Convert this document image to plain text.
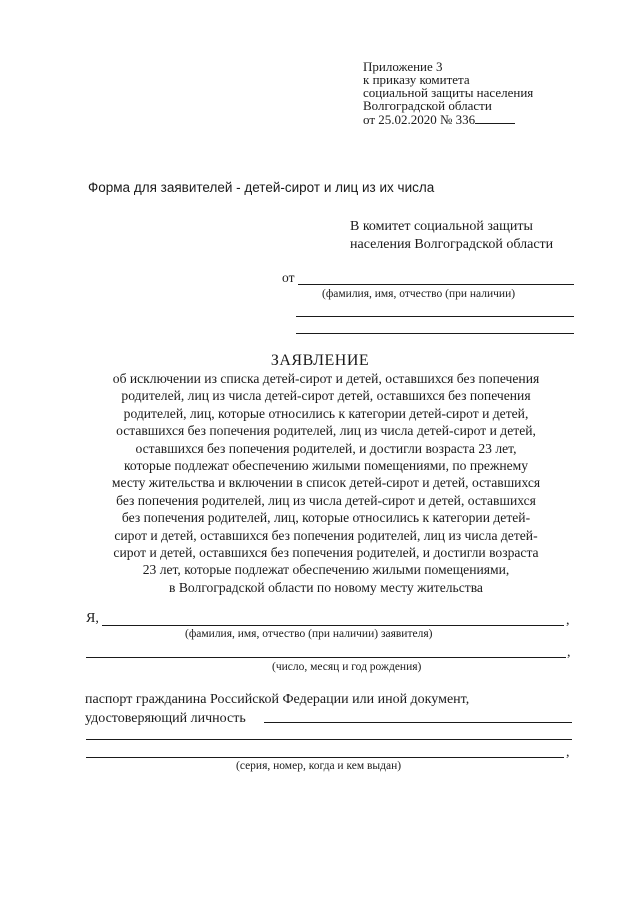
Приложение 3
к приказу комитета
социальной защиты населения
Волгоградской области
от 25.02.2020 № 336
Форма для заявителей - детей-сирот и лиц из их числа
В комитет социальной защиты
населения Волгоградской области
от
(фамилия, имя, отчество (при наличии)
ЗАЯВЛЕНИЕ
об исключении из списка детей-сирот и детей, оставшихся без попечения
родителей, лиц из числа детей-сирот детей, оставшихся без попечения
родителей, лиц, которые относились к категории детей-сирот и детей,
оставшихся без попечения родителей, лиц из числа детей-сирот и детей,
оставшихся без попечения родителей, и достигли возраста 23 лет,
которые подлежат обеспечению жилыми помещениями, по прежнему
месту жительства и включении в список детей-сирот и детей, оставшихся
без попечения родителей, лиц из числа детей-сирот и детей, оставшихся
без попечения родителей, лиц, которые относились к категории детей-
сирот и детей, оставшихся без попечения родителей, лиц из числа детей-
сирот и детей, оставшихся без попечения родителей, и достигли возраста
23 лет, которые подлежат обеспечению жилыми помещениями,
в Волгоградской области по новому месту жительства
Я,	,
(фамилия, имя, отчество (при наличии) заявителя)
,
(число, месяц и год рождения)
паспорт гражданина Российской Федерации или иной документ,
удостоверяющий личность
,
(серия, номер, когда и кем выдан)
